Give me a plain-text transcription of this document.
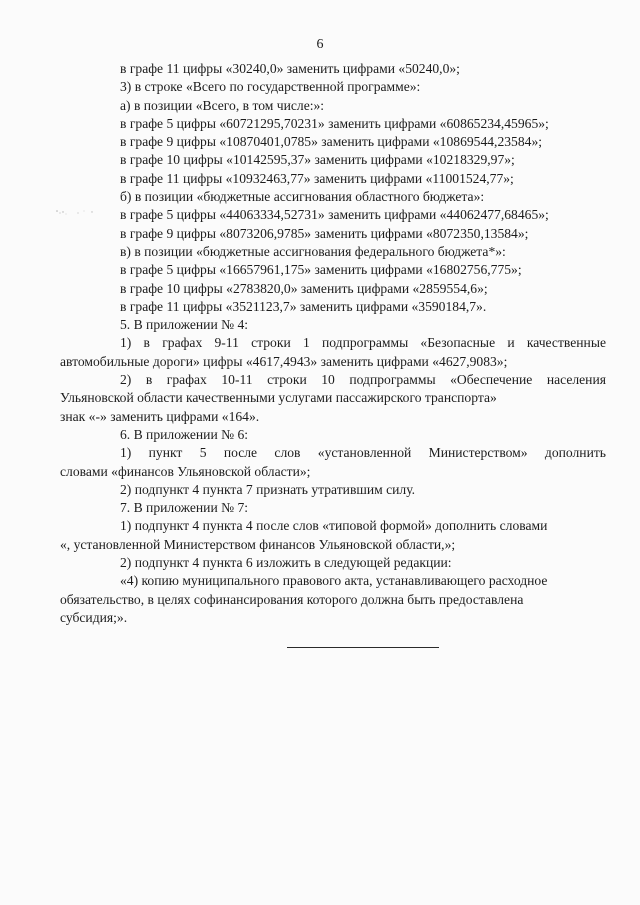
6
в графе 11 цифры «30240,0» заменить цифрами «50240,0»;
3) в строке «Всего по государственной программе»:
а) в позиции «Всего, в том числе:»:
в графе 5 цифры «60721295,70231» заменить цифрами «60865234,45965»;
в графе 9 цифры «10870401,0785» заменить цифрами «10869544,23584»;
в графе 10 цифры «10142595,37» заменить цифрами «10218329,97»;
в графе 11 цифры «10932463,77» заменить цифрами «11001524,77»;
б) в позиции «бюджетные ассигнования областного бюджета»:
в графе 5 цифры «44063334,52731» заменить цифрами «44062477,68465»;
в графе 9 цифры «8073206,9785» заменить цифрами «8072350,13584»;
в) в позиции «бюджетные ассигнования федерального бюджета*»:
в графе 5 цифры «16657961,175» заменить цифрами «16802756,775»;
в графе 10 цифры «2783820,0» заменить цифрами «2859554,6»;
в графе 11 цифры «3521123,7» заменить цифрами «3590184,7».
5. В приложении № 4:
1) в графах 9-11 строки 1 подпрограммы «Безопасные и качественные
автомобильные дороги» цифры «4617,4943» заменить цифрами «4627,9083»;
2) в графах 10-11 строки 10 подпрограммы «Обеспечение населения
Ульяновской области качественными услугами пассажирского транспорта»
знак «-» заменить цифрами «164».
6. В приложении № 6:
1) пункт 5 после слов «установленной Министерством» дополнить
словами «финансов Ульяновской области»;
2) подпункт 4 пункта 7 признать утратившим силу.
7. В приложении № 7:
1) подпункт 4 пункта 4 после слов «типовой формой» дополнить словами
«, установленной Министерством финансов Ульяновской области,»;
2) подпункт 4 пункта 6 изложить в следующей редакции:
«4) копию муниципального правового акта, устанавливающего расходное
обязательство, в целях софинансирования которого должна быть предоставлена
субсидия;».
